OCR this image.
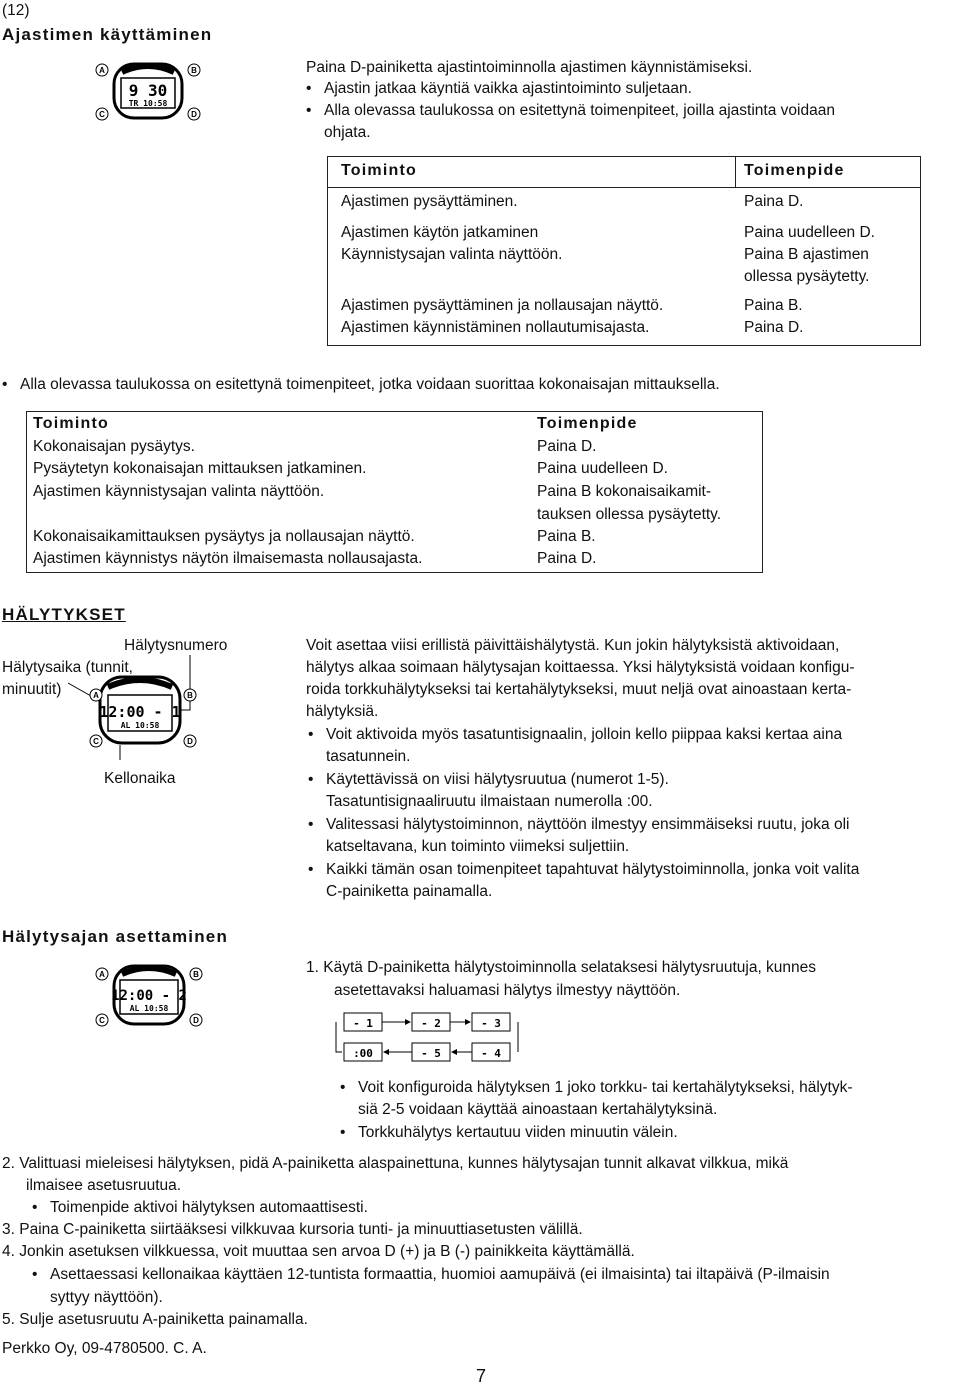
(12)
Ajastimen käyttäminen
9 30
TR 10:58
A	B
C	D
Paina D-painiketta ajastintoiminnolla ajastimen käynnistämiseksi.
• Ajastin jatkaa käyntiä vaikka ajastintoiminto suljetaan.
• Alla olevassa taulukossa on esitettynä toimenpiteet, joilla ajastinta voidaan
ohjata.
Toiminto	Toimenpide
Ajastimen pysäyttäminen.	Paina D.
Ajastimen käytön jatkaminen	Paina uudelleen D.
Käynnistysajan valinta näyttöön.	Paina B ajastimen
ollessa pysäytetty.
Ajastimen pysäyttäminen ja nollausajan näyttö.	Paina B.
Ajastimen käynnistäminen nollautumisajasta.	Paina D.
• Alla olevassa taulukossa on esitettynä toimenpiteet, jotka voidaan suorittaa kokonaisajan mittauksella.
Toiminto	Toimenpide
Kokonaisajan pysäytys.	Paina D.
Pysäytetyn kokonaisajan mittauksen jatkaminen.	Paina uudelleen D.
Ajastimen käynnistysajan valinta näyttöön.	Paina B kokonaisaikamit-
tauksen ollessa pysäytetty.
Kokonaisaikamittauksen pysäytys ja nollausajan näyttö.	Paina B.
Ajastimen käynnistys näytön ilmaisemasta nollausajasta.	Paina D.
HÄLYTYKSET
Hälytysnumero
Hälytysaika (tunnit,
minuutit)
Kellonaika
12:00 - 1
AL 10:58
A	B
C	D
Voit asettaa viisi erillistä päivittäishälytystä. Kun jokin hälytyksistä aktivoidaan,
hälytys alkaa soimaan hälytysajan koittaessa. Yksi hälytyksistä voidaan konfigu-
roida torkkuhälytykseksi tai kertahälytykseksi, muut neljä ovat ainoastaan kerta-
hälytyksiä.
• Voit aktivoida myös tasatuntisignaalin, jolloin kello piippaa kaksi kertaa aina
tasatunnein.
• Käytettävissä on viisi hälytysruutua (numerot 1-5).
Tasatuntisignaaliruutu ilmaistaan numerolla :00.
• Valitessasi hälytystoiminnon, näyttöön ilmestyy ensimmäiseksi ruutu, joka oli
katseltavana, kun toiminto viimeksi suljettiin.
• Kaikki tämän osan toimenpiteet tapahtuvat hälytystoiminnolla, jonka voit valita
C-painiketta painamalla.
Hälytysajan asettaminen
12:00 - 2
AL 10:58
A	B
C	D
1. Käytä D-painiketta hälytystoiminnolla selataksesi hälytysruutuja, kunnes
asetettavaksi haluamasi hälytys ilmestyy näyttöön.
- 1	- 2	- 3
:00	- 5	- 4
• Voit konfiguroida hälytyksen 1 joko torkku- tai kertahälytykseksi, hälytyk-
siä 2-5 voidaan käyttää ainoastaan kertahälytyksinä.
• Torkkuhälytys kertautuu viiden minuutin välein.
2. Valittuasi mieleisesi hälytyksen, pidä A-painiketta alaspainettuna, kunnes hälytysajan tunnit alkavat vilkkua, mikä
ilmaisee asetusruutua.
• Toimenpide aktivoi hälytyksen automaattisesti.
3. Paina C-painiketta siirtääksesi vilkkuvaa kursoria tunti- ja minuuttiasetusten välillä.
4. Jonkin asetuksen vilkkuessa, voit muuttaa sen arvoa D (+) ja B (-) painikkeita käyttämällä.
• Asettaessasi kellonaikaa käyttäen 12-tuntista formaattia, huomioi aamupäivä (ei ilmaisinta) tai iltapäivä (P-ilmaisin
syttyy näyttöön).
5. Sulje asetusruutu A-painiketta painamalla.
Perkko Oy, 09-4780500. C. A.
7
